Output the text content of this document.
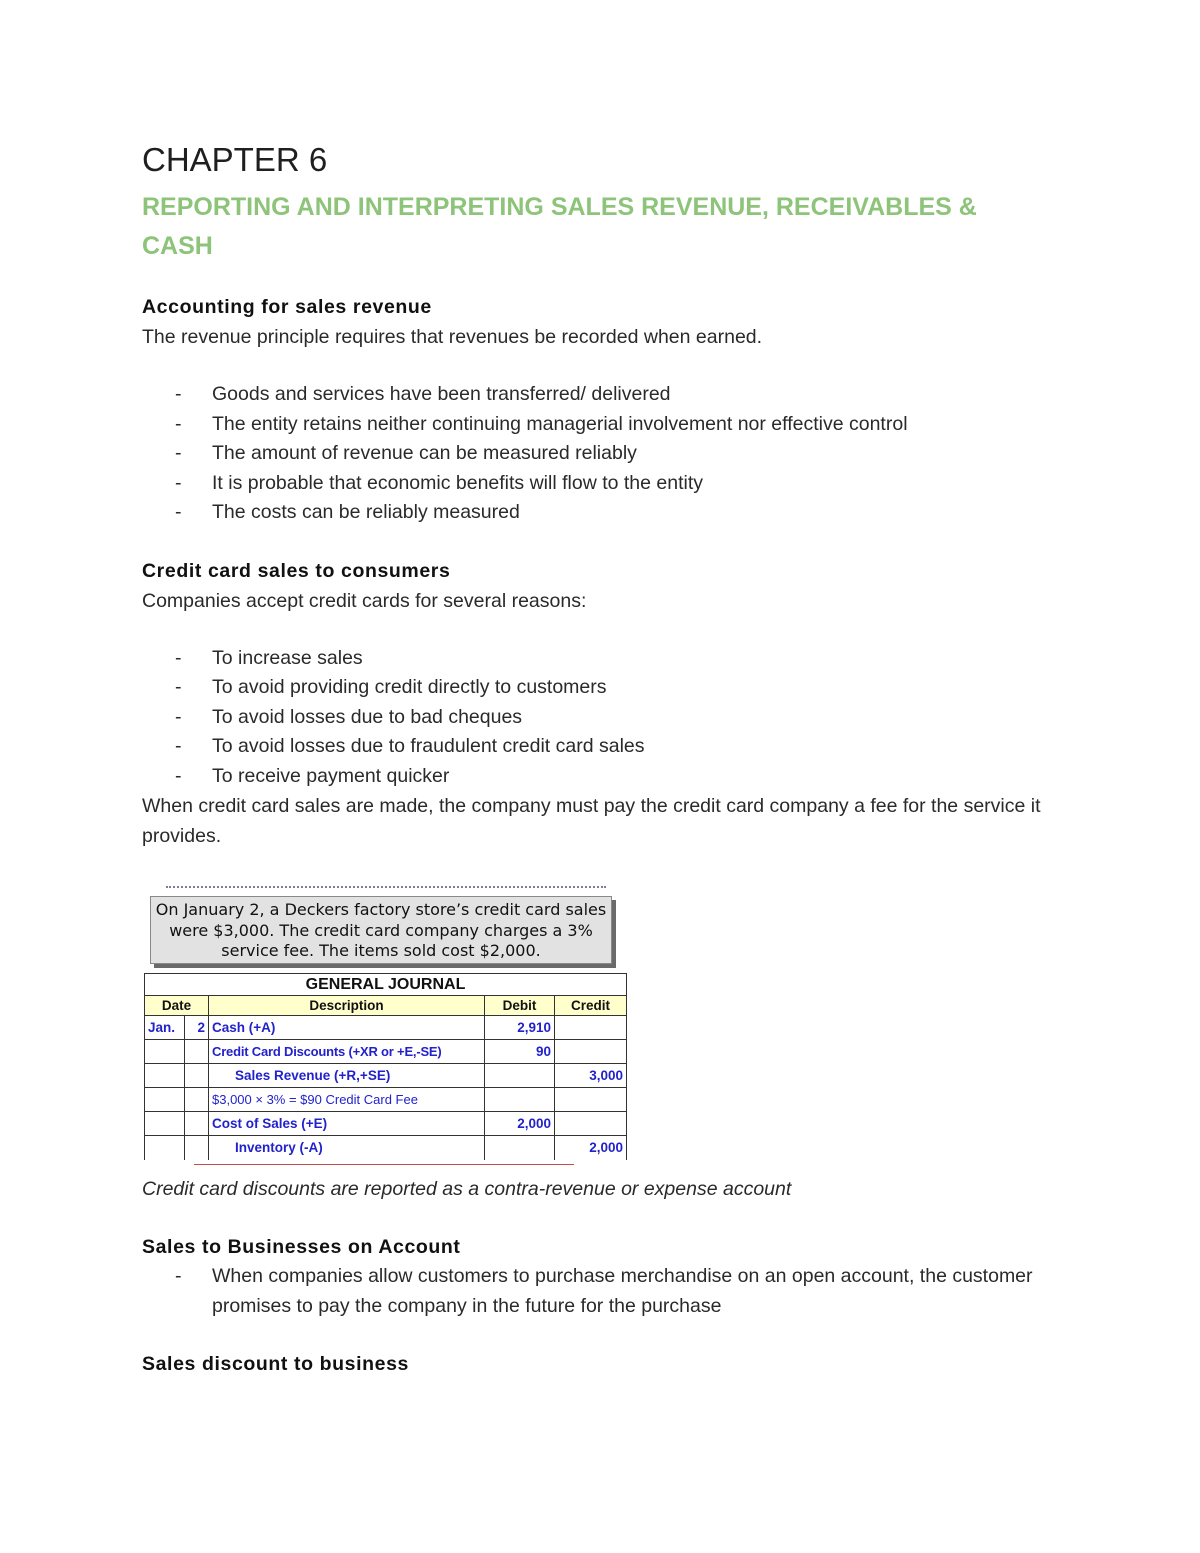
CHAPTER 6
REPORTING AND INTERPRETING SALES REVENUE, RECEIVABLES & CASH
Accounting for sales revenue
The revenue principle requires that revenues be recorded when earned.
- Goods and services have been transferred/ delivered
- The entity retains neither continuing managerial involvement nor effective control
- The amount of revenue can be measured reliably
- It is probable that economic benefits will flow to the entity
- The costs can be reliably measured
Credit card sales to consumers
Companies accept credit cards for several reasons:
- To increase sales
- To avoid providing credit directly to customers
- To avoid losses due to bad cheques
- To avoid losses due to fraudulent credit card sales
- To receive payment quicker
When credit card sales are made, the company must pay the credit card company a fee for the service it provides.
On January 2, a Deckers factory store’s credit card sales
were $3,000. The credit card company charges a 3%
service fee. The items sold cost $2,000.
GENERAL JOURNAL				
Date		Description	Debit	Credit
Jan.	2	Cash (+A)	2,910	
		Credit Card Discounts (+XR or +E,-SE)	90	
		Sales Revenue (+R,+SE)		3,000
		$3,000 × 3% = $90 Credit Card Fee		
		Cost of Sales (+E)	2,000	
		Inventory (-A)		2,000
Credit card discounts are reported as a contra-revenue or expense account
Sales to Businesses on Account
- When companies allow customers to purchase merchandise on an open account, the customer promises to pay the company in the future for the purchase
Sales discount to business
